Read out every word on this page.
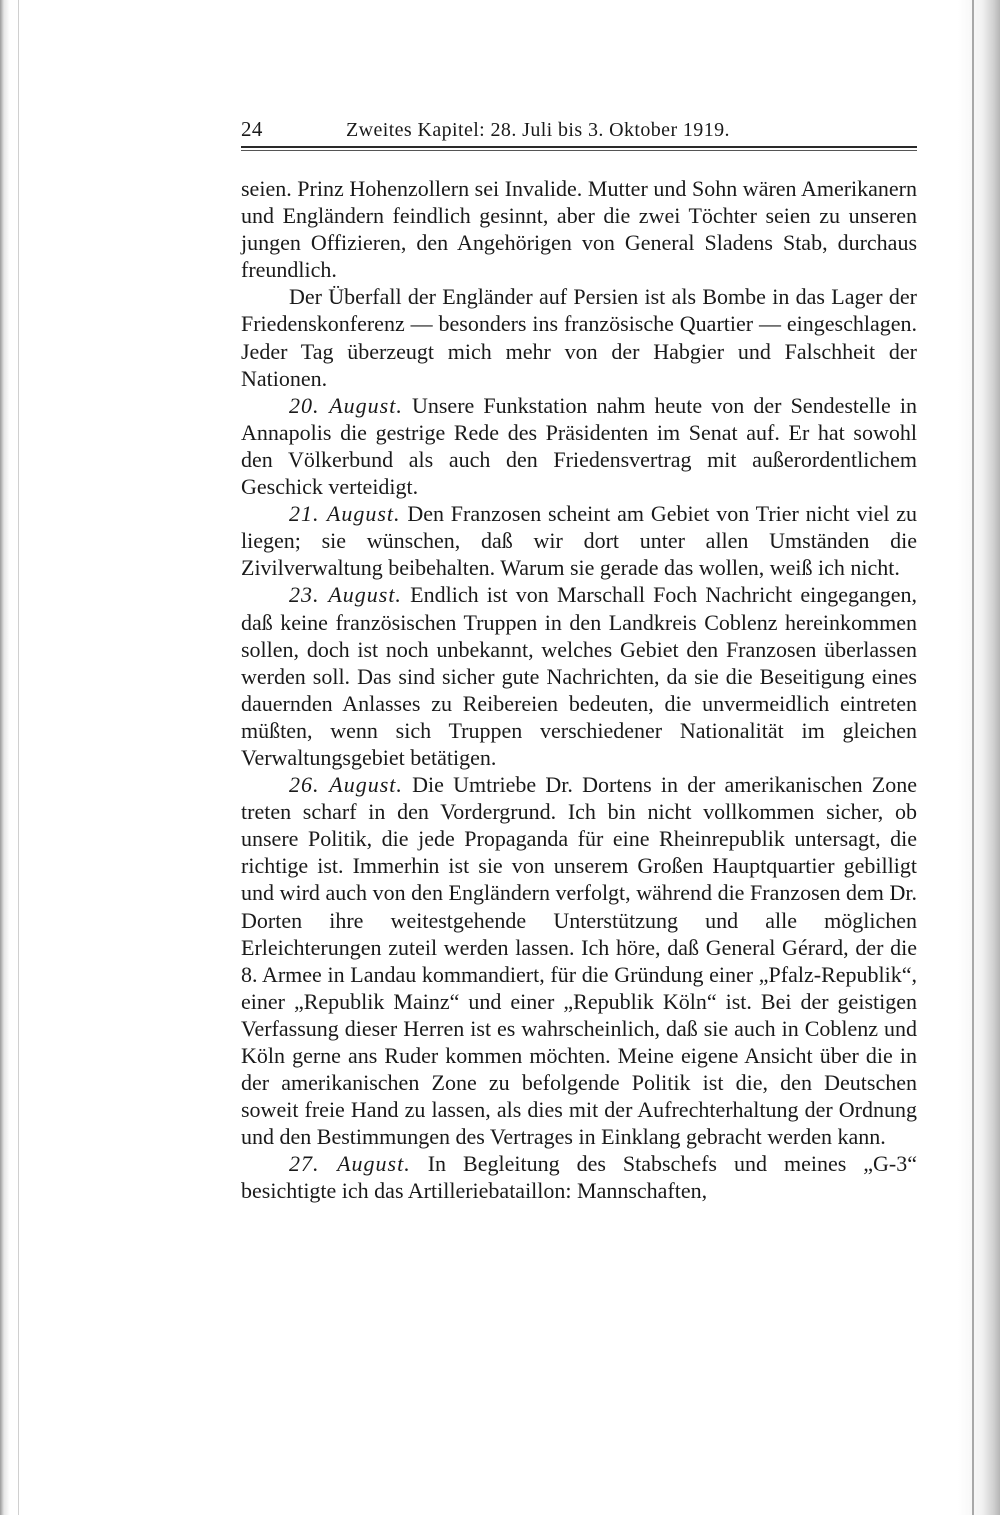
24	Zweites Kapitel: 28. Juli bis 3. Oktober 1919.

seien. Prinz Hohenzollern sei Invalide. Mutter und Sohn wären Amerikanern und Engländern feindlich gesinnt, aber die zwei Töchter seien zu unseren jungen Offizieren, den Angehörigen von General Sladens Stab, durchaus freundlich.

Der Überfall der Engländer auf Persien ist als Bombe in das Lager der Friedenskonferenz — besonders ins französische Quartier — eingeschlagen. Jeder Tag überzeugt mich mehr von der Habgier und Falschheit der Nationen.

20. August. Unsere Funkstation nahm heute von der Sendestelle in Annapolis die gestrige Rede des Präsidenten im Senat auf. Er hat sowohl den Völkerbund als auch den Friedensvertrag mit außerordentlichem Geschick verteidigt.

21. August. Den Franzosen scheint am Gebiet von Trier nicht viel zu liegen; sie wünschen, daß wir dort unter allen Umständen die Zivilverwaltung beibehalten. Warum sie gerade das wollen, weiß ich nicht.

23. August. Endlich ist von Marschall Foch Nachricht eingegangen, daß keine französischen Truppen in den Landkreis Coblenz hereinkommen sollen, doch ist noch unbekannt, welches Gebiet den Franzosen überlassen werden soll. Das sind sicher gute Nachrichten, da sie die Beseitigung eines dauernden Anlasses zu Reibereien bedeuten, die unvermeidlich eintreten müßten, wenn sich Truppen verschiedener Nationalität im gleichen Verwaltungsgebiet betätigen.

26. August. Die Umtriebe Dr. Dortens in der amerikanischen Zone treten scharf in den Vordergrund. Ich bin nicht vollkommen sicher, ob unsere Politik, die jede Propaganda für eine Rheinrepublik untersagt, die richtige ist. Immerhin ist sie von unserem Großen Hauptquartier gebilligt und wird auch von den Engländern verfolgt, während die Franzosen dem Dr. Dorten ihre weitestgehende Unterstützung und alle möglichen Erleichterungen zuteil werden lassen. Ich höre, daß General Gérard, der die 8. Armee in Landau kommandiert, für die Gründung einer „Pfalz-Republik“, einer „Republik Mainz“ und einer „Republik Köln“ ist. Bei der geistigen Verfassung dieser Herren ist es wahrscheinlich, daß sie auch in Coblenz und Köln gerne ans Ruder kommen möchten. Meine eigene Ansicht über die in der amerikanischen Zone zu befolgende Politik ist die, den Deutschen soweit freie Hand zu lassen, als dies mit der Aufrechterhaltung der Ordnung und den Bestimmungen des Vertrages in Einklang gebracht werden kann.

27. August. In Begleitung des Stabschefs und meines „G-3“ besichtigte ich das Artilleriebataillon: Mannschaften,
